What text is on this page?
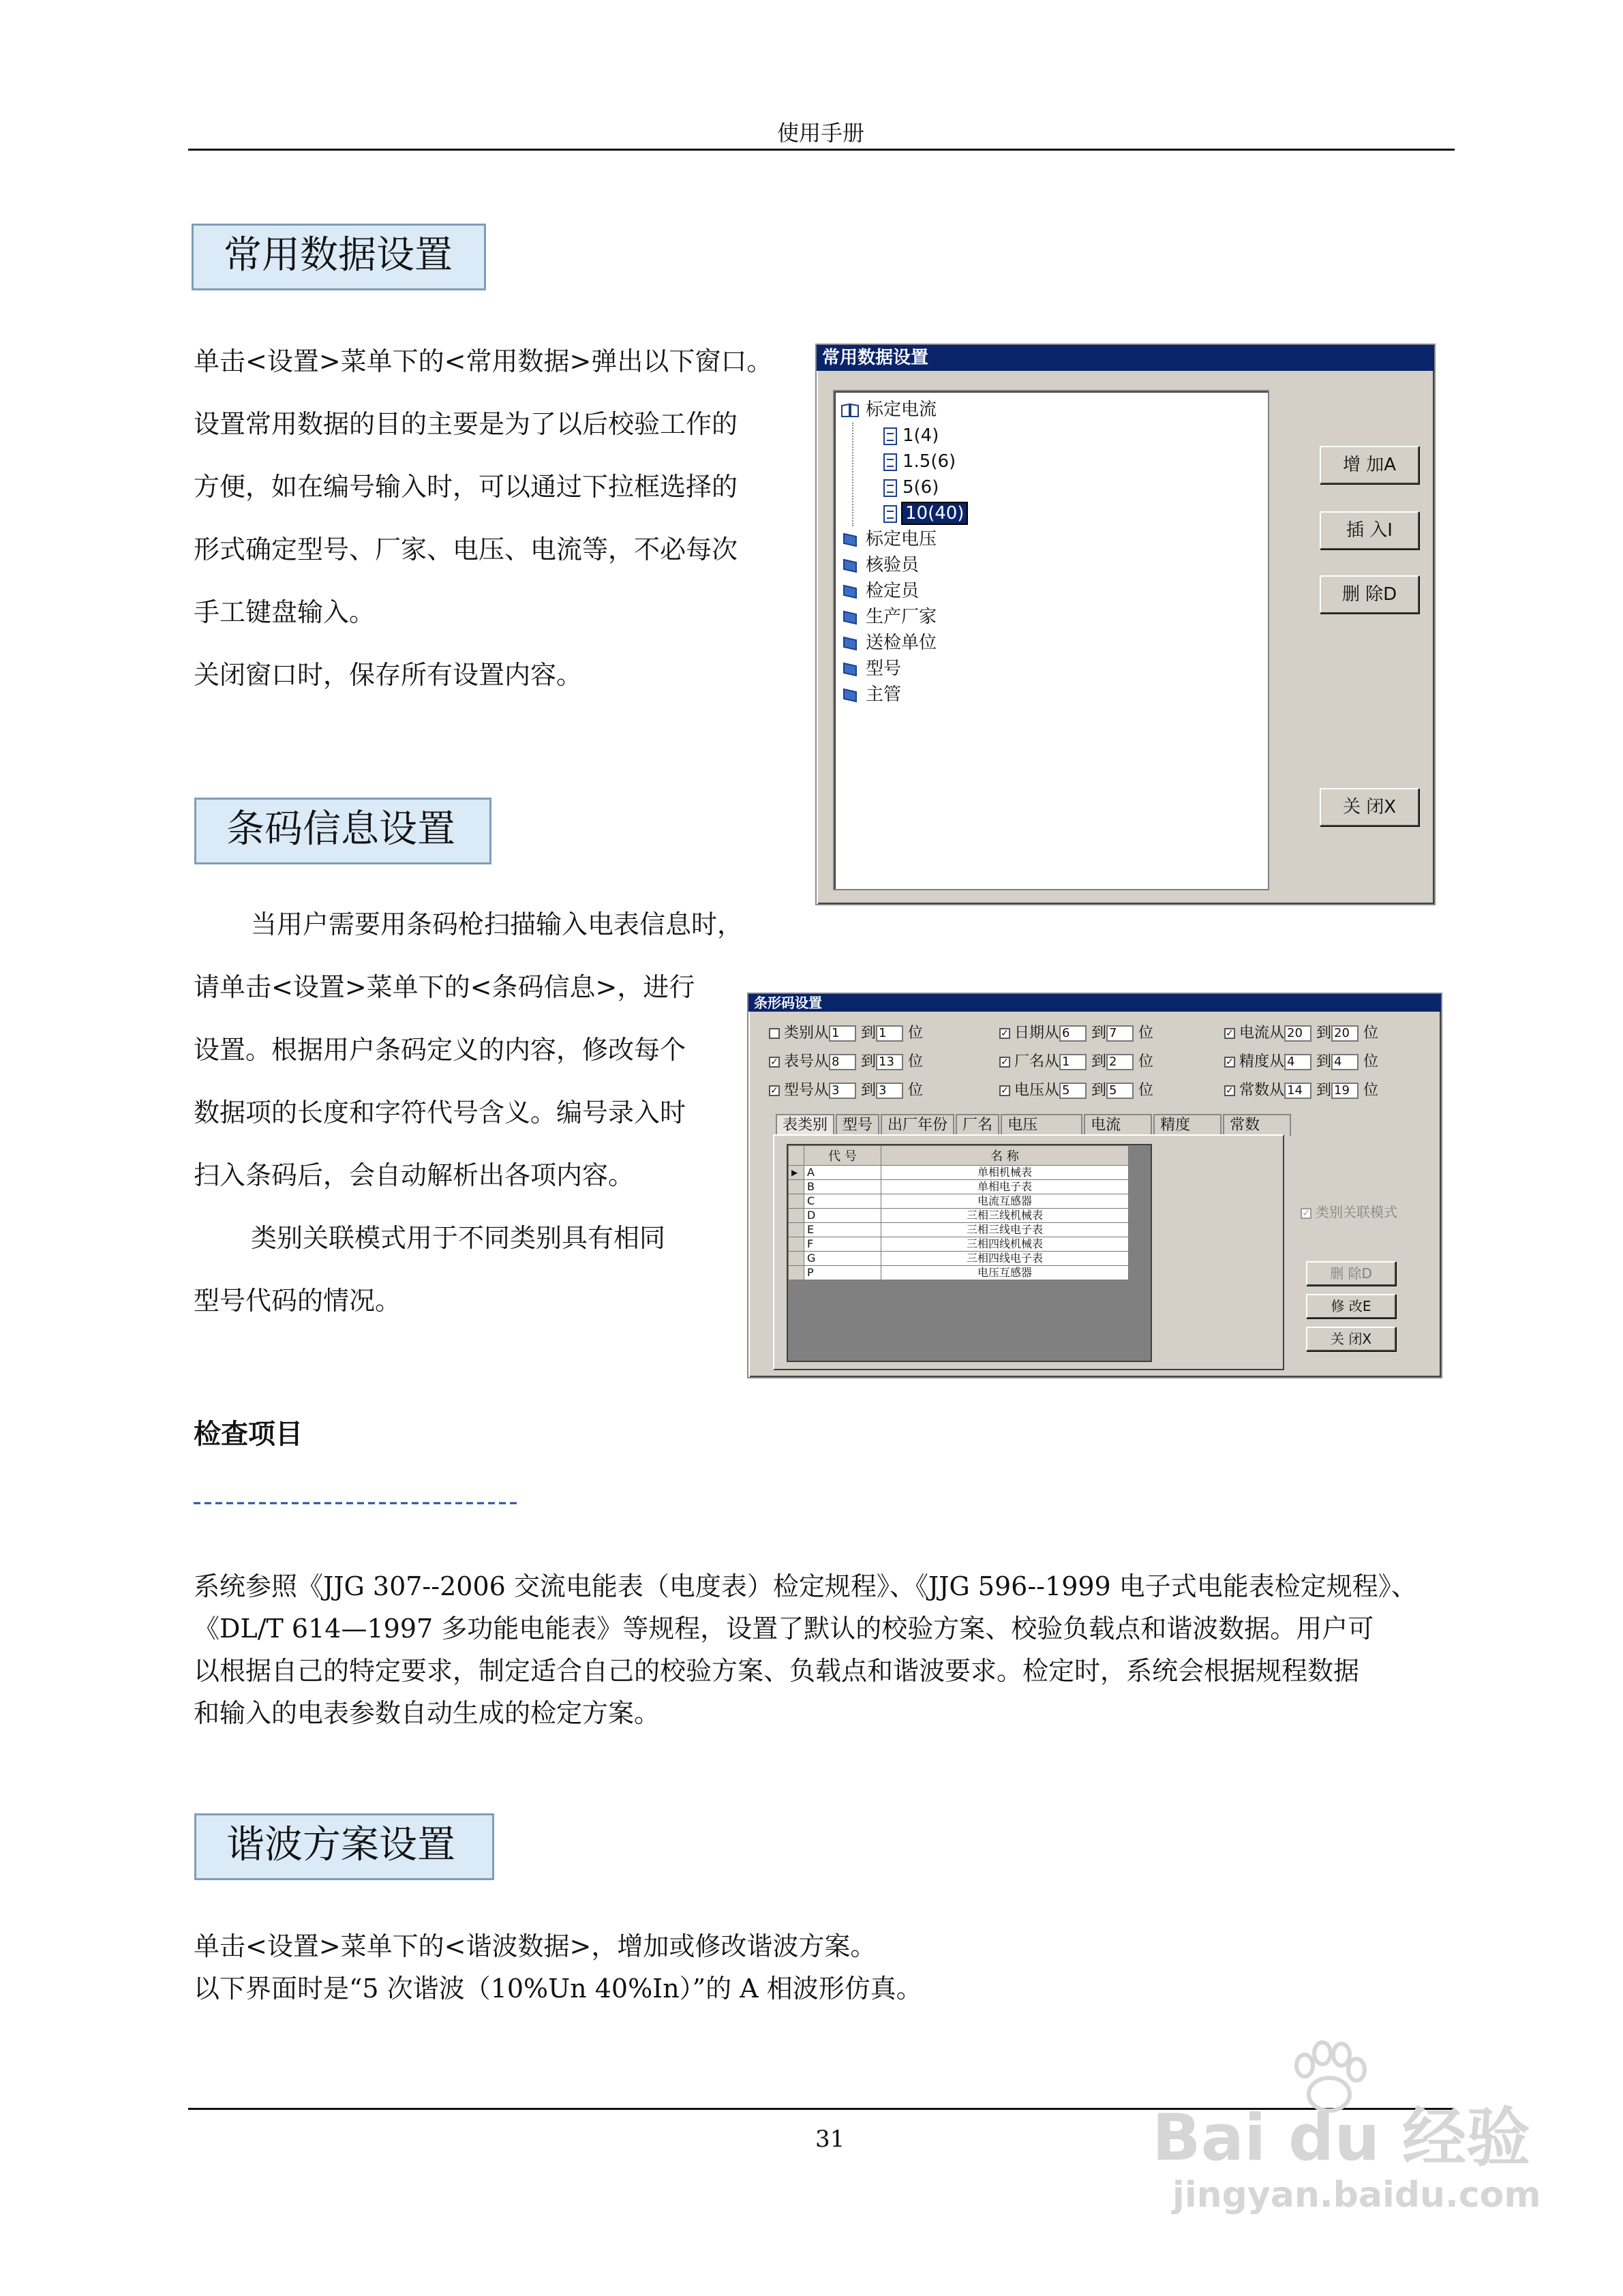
使用手册
常用数据设置
单击<设置>菜单下的<常用数据>弹出以下窗口。
设置常用数据的目的主要是为了以后校验工作的
方便，如在编号输入时，可以通过下拉框选择的
形式确定型号、厂家、电压、电流等，不必每次
手工键盘输入。
关闭窗口时，保存所有设置内容。
常用数据设置
标定电流
1(4)
1.5(6)
5(6)
10(40)
标定电压
核验员
检定员
生产厂家
送检单位
型号
主管
增 加A
插 入I
删 除D
关 闭X
条码信息设置
当用户需要用条码枪扫描输入电表信息时，
请单击<设置>菜单下的<条码信息>，进行
设置。根据用户条码定义的内容，修改每个
数据项的长度和字符代号含义。编号录入时
扫入条码后，会自动解析出各项内容。
类别关联模式用于不同类别具有相同
型号代码的情况。
条形码设置
类别从 1 到 1 位	✓ 日期从 6 到 7 位	✓ 电流从 20 到 20 位
✓ 表号从 8 到 13 位	✓ 厂名从 1 到 2 位	✓ 精度从 4 到 4 位
✓ 型号从 3 到 3 位	✓ 电压从 5 到 5 位	✓ 常数从 14 到 19 位
表类别 型号 出厂年份 厂名 电压	电流	精度	常数
	代 号	名 称
▶	A	单相机械表
	B	单相电子表
	C	电流互感器
	D	三相三线机械表
	E	三相三线电子表
	F	三相四线机械表
	G	三相四线电子表
	P	电压互感器
✓ 类别关联模式
删 除D
修 改E
关 闭X
检查项目
系统参照《JJG 307--2006 交流电能表（电度表）检定规程》、《JJG 596--1999 电子式电能表检定规程》、
《DL/T 614—1997 多功能电能表》等规程，设置了默认的校验方案、校验负载点和谐波数据。用户可
以根据自己的特定要求，制定适合自己的校验方案、负载点和谐波要求。检定时，系统会根据规程数据
和输入的电表参数自动生成的检定方案。
谐波方案设置
单击<设置>菜单下的<谐波数据>，增加或修改谐波方案。
以下界面时是“5 次谐波（10%Un 40%In）”的 A 相波形仿真。
31	Bai du 经验
jingyan.baidu.com
